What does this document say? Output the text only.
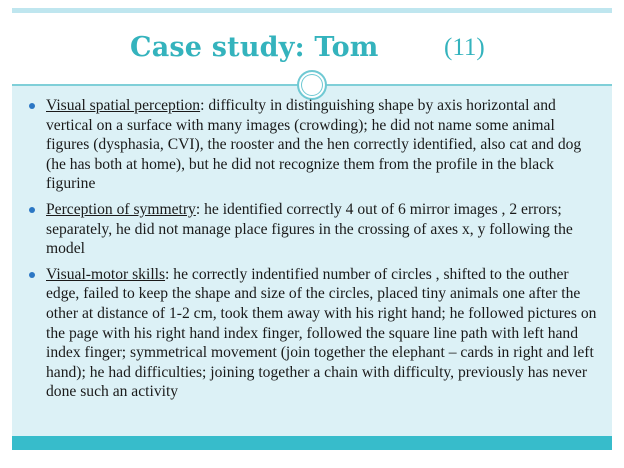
Case study: Tom	(11)
Visual spatial perception: difficulty in distinguishing shape by axis horizontal and vertical on a surface with many images (crowding); he did not name some animal figures (dysphasia, CVI), the rooster and the hen correctly identified, also cat and dog (he has both at home), but he did not recognize them from the profile in the black figurine
Perception of symmetry: he identified correctly 4 out of 6 mirror images , 2 errors; separately, he did not manage place figures in the crossing of axes x, y following the model
Visual-motor skills: he correctly indentified number of circles , shifted to the outher edge, failed to keep the shape and size of the circles, placed tiny animals one after the other at distance of 1-2 cm, took them away with his right hand; he followed pictures on the page with his right hand index finger, followed the square line path with left hand index finger; symmetrical movement (join together the elephant – cards in right and left hand); he had difficulties; joining together a chain with difficulty, previously has never done such an activity
